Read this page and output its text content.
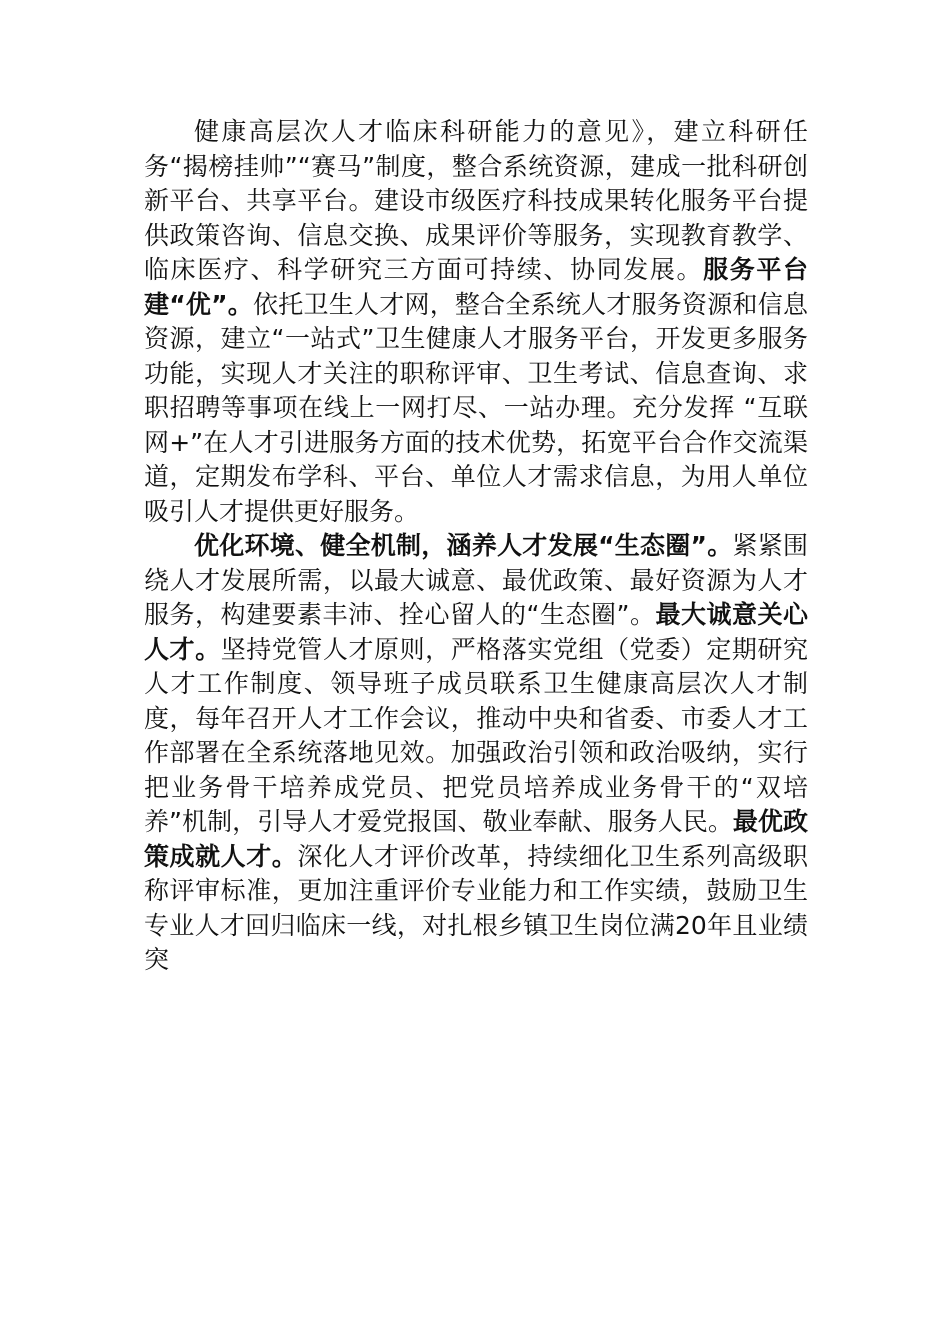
健康高层次人才临床科研能力的意见》，建立科研任务“揭榜挂帅”“赛马”制度，整合系统资源，建成一批科研创新平台、共享平台。建设市级医疗科技成果转化服务平台提供政策咨询、信息交换、成果评价等服务，实现教育教学、临床医疗、科学研究三方面可持续、协同发展。服务平台建“优”。依托卫生人才网，整合全系统人才服务资源和信息资源，建立“一站式”卫生健康人才服务平台，开发更多服务功能，实现人才关注的职称评审、卫生考试、信息查询、求职招聘等事项在线上一网打尽、一站办理。充分发挥 “互联网+”在人才引进服务方面的技术优势，拓宽平台合作交流渠道，定期发布学科、平台、单位人才需求信息，为用人单位吸引人才提供更好服务。

优化环境、健全机制，涵养人才发展“生态圈”。紧紧围绕人才发展所需，以最大诚意、最优政策、最好资源为人才服务，构建要素丰沛、拴心留人的“生态圈”。最大诚意关心人才。坚持党管人才原则，严格落实党组（党委）定期研究人才工作制度、领导班子成员联系卫生健康高层次人才制度，每年召开人才工作会议，推动中央和省委、市委人才工作部署在全系统落地见效。加强政治引领和政治吸纳，实行把业务骨干培养成党员、把党员培养成业务骨干的“双培养”机制，引导人才爱党报国、敬业奉献、服务人民。最优政策成就人才。深化人才评价改革，持续细化卫生系列高级职称评审标准，更加注重评价专业能力和工作实绩，鼓励卫生专业人才回归临床一线，对扎根乡镇卫生岗位满20年且业绩突
